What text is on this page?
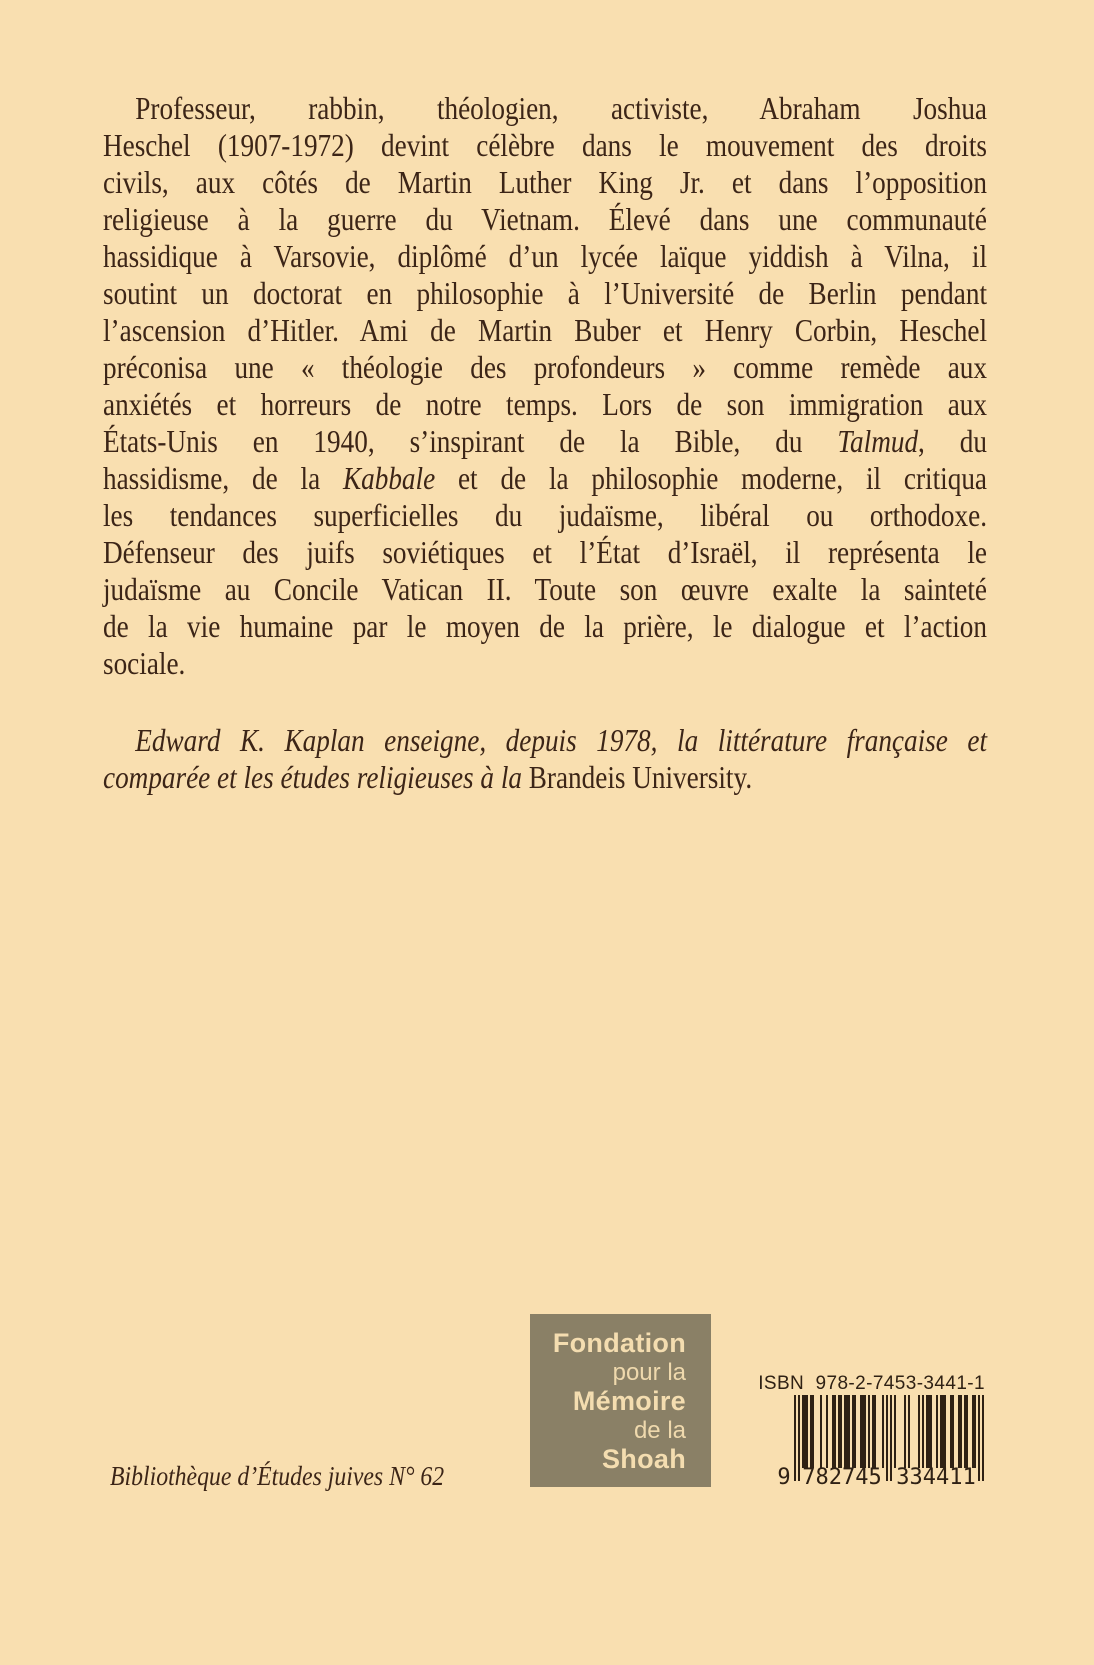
Professeur, rabbin, théologien, activiste, Abraham Joshua
Heschel (1907-1972) devint célèbre dans le mouvement des droits
civils, aux côtés de Martin Luther King Jr. et dans l’opposition
religieuse à la guerre du Vietnam. Élevé dans une communauté
hassidique à Varsovie, diplômé d’un lycée laïque yiddish à Vilna, il
soutint un doctorat en philosophie à l’Université de Berlin pendant
l’ascension d’Hitler. Ami de Martin Buber et Henry Corbin, Heschel
préconisa une « théologie des profondeurs » comme remède aux
anxiétés et horreurs de notre temps. Lors de son immigration aux
États-Unis en 1940, s’inspirant de la Bible, du Talmud, du
hassidisme, de la Kabbale et de la philosophie moderne, il critiqua
les tendances superficielles du judaïsme, libéral ou orthodoxe.
Défenseur des juifs soviétiques et l’État d’Israël, il représenta le
judaïsme au Concile Vatican II. Toute son œuvre exalte la sainteté
de la vie humaine par le moyen de la prière, le dialogue et l’action
sociale.
Edward K. Kaplan enseigne, depuis 1978, la littérature française et
comparée et les études religieuses à la Brandeis University.
Bibliothèque d’Études juives N° 62
Fondation
pour la
Mémoire
de la
Shoah
ISBN  978-2-7453-3441-1
9 782745 334411
